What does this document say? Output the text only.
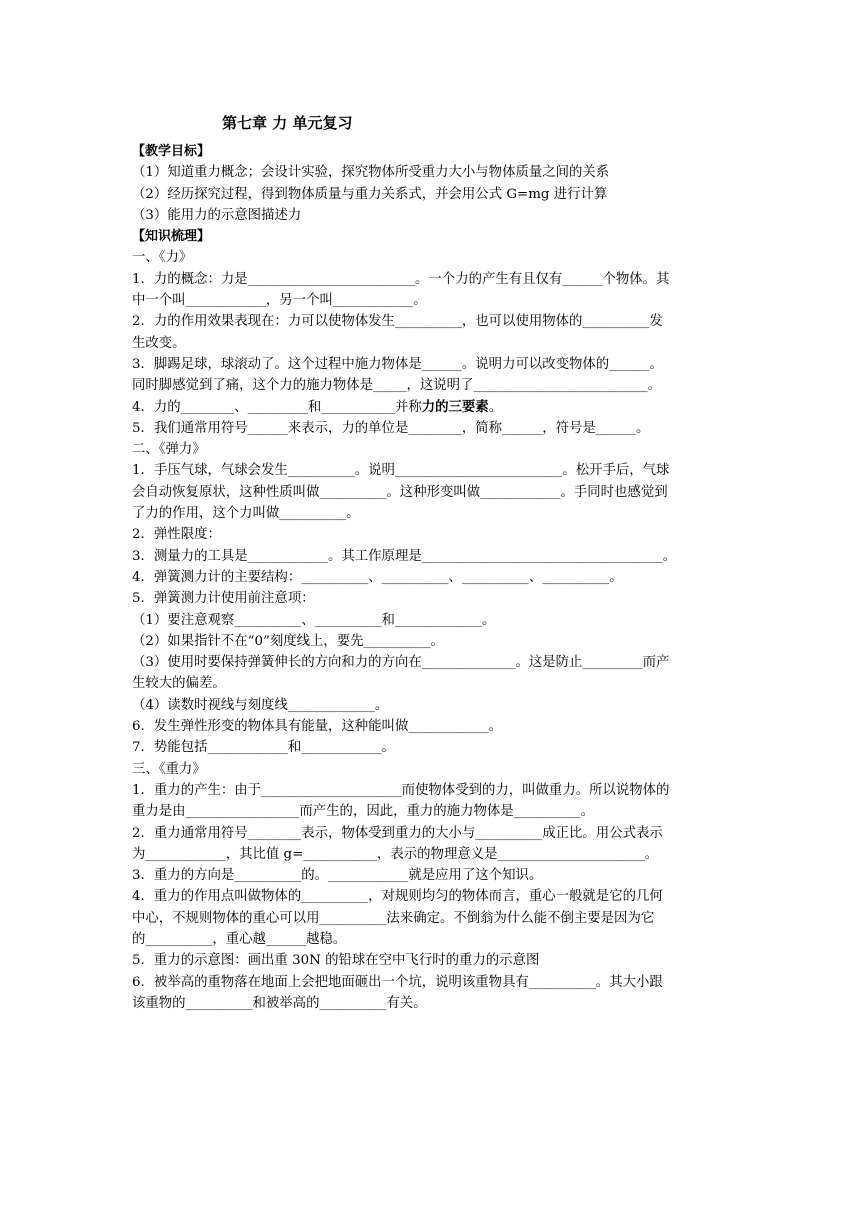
第七章 力 单元复习
【教学目标】
（1）知道重力概念；会设计实验，探究物体所受重力大小与物体质量之间的关系
（2）经历探究过程，得到物体质量与重力关系式，并会用公式 G=mg 进行计算
（3）能用力的示意图描述力
【知识梳理】
一、《力》
1．力的概念：力是_________________________。一个力的产生有且仅有______个物体。其
中一个叫____________，另一个叫____________。
2．力的作用效果表现在：力可以使物体发生__________，也可以使用物体的__________发
生改变。
3．脚踢足球，球滚动了。这个过程中施力物体是______。说明力可以改变物体的______。
同时脚感觉到了痛，这个力的施力物体是_____，这说明了__________________________。
4．力的________、_________和___________并称力的三要素。
5．我们通常用符号______来表示，力的单位是________，简称______，符号是______。
二、《弹力》
1．手压气球，气球会发生__________。说明_________________________。松开手后，气球
会自动恢复原状，这种性质叫做__________。这种形变叫做____________。手同时也感觉到
了力的作用，这个力叫做__________。
2．弹性限度：
3．测量力的工具是____________。其工作原理是____________________________________。
4．弹簧测力计的主要结构：__________、__________、__________、__________。
5．弹簧测力计使用前注意项：
（1）要注意观察__________、__________和_____________。
（2）如果指针不在“0”刻度线上，要先__________。
（3）使用时要保持弹簧伸长的方向和力的方向在______________。这是防止_________而产
生较大的偏差。
（4）读数时视线与刻度线_____________。
6．发生弹性形变的物体具有能量，这种能叫做____________。
7．势能包括____________和____________。
三、《重力》
1．重力的产生：由于_____________________而使物体受到的力，叫做重力。所以说物体的
重力是由_________________而产生的，因此，重力的施力物体是__________。
2．重力通常用符号________表示，物体受到重力的大小与__________成正比。用公式表示
为____________，其比值 g=___________，表示的物理意义是______________________。
3．重力的方向是__________的。____________就是应用了这个知识。
4．重力的作用点叫做物体的__________，对规则均匀的物体而言，重心一般就是它的几何
中心，不规则物体的重心可以用__________法来确定。不倒翁为什么能不倒主要是因为它
的__________，重心越______越稳。
5．重力的示意图：画出重 30N 的铅球在空中飞行时的重力的示意图
6．被举高的重物落在地面上会把地面砸出一个坑，说明该重物具有__________。其大小跟
该重物的__________和被举高的__________有关。
